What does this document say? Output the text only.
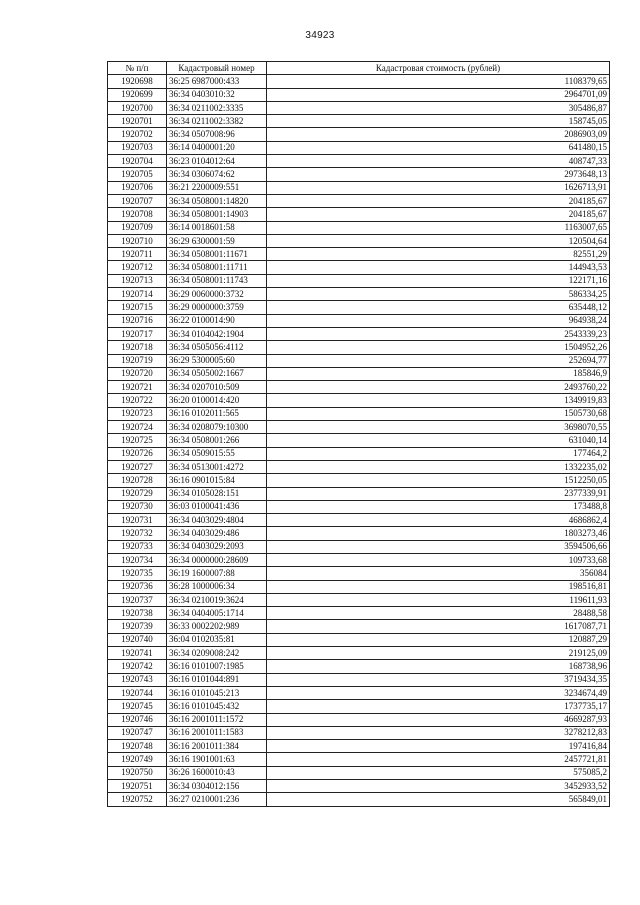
34923
№ п/п	Кадастровый номер	Кадастровая стоимость (рублей)
1920698	36:25 6987000:433	1108379,65
1920699	36:34 0403010:32	2964701,09
1920700	36:34 0211002:3335	305486,87
1920701	36:34 0211002:3382	158745,05
1920702	36:34 0507008:96	2086903,09
1920703	36:14 0400001:20	641480,15
1920704	36:23 0104012:64	408747,33
1920705	36:34 0306074:62	2973648,13
1920706	36:21 2200009:551	1626713,91
1920707	36:34 0508001:14820	204185,67
1920708	36:34 0508001:14903	204185,67
1920709	36:14 0018601:58	1163007,65
1920710	36:29 6300001:59	120504,64
1920711	36:34 0508001:11671	82551,29
1920712	36:34 0508001:11711	144943,53
1920713	36:34 0508001:11743	122171,16
1920714	36:29 0060000:3732	586334,25
1920715	36:29 0000000:3759	635448,12
1920716	36:22 0100014:90	964938,24
1920717	36:34 0104042:1904	2543339,23
1920718	36:34 0505056:4112	1504952,26
1920719	36:29 5300005:60	252694,77
1920720	36:34 0505002:1667	185846,9
1920721	36:34 0207010:509	2493760,22
1920722	36:20 0100014:420	1349919,83
1920723	36:16 0102011:565	1505730,68
1920724	36:34 0208079:10300	3698070,55
1920725	36:34 0508001:266	631040,14
1920726	36:34 0509015:55	177464,2
1920727	36:34 0513001:4272	1332235,02
1920728	36:16 0901015:84	1512250,05
1920729	36:34 0105028:151	2377339,91
1920730	36:03 0100041:436	173488,8
1920731	36:34 0403029:4804	4686862,4
1920732	36:34 0403029:486	1803273,46
1920733	36:34 0403029:2093	3594506,66
1920734	36:34 0000000:28609	109733,68
1920735	36:19 1600007:88	356084
1920736	36:28 1000006:34	198516,81
1920737	36:34 0210019:3624	119611,93
1920738	36:34 0404005:1714	28488,58
1920739	36:33 0002202:989	1617087,71
1920740	36:04 0102035:81	120887,29
1920741	36:34 0209008:242	219125,09
1920742	36:16 0101007:1985	168738,96
1920743	36:16 0101044:891	3719434,35
1920744	36:16 0101045:213	3234674,49
1920745	36:16 0101045:432	1737735,17
1920746	36:16 2001011:1572	4669287,93
1920747	36:16 2001011:1583	3278212,83
1920748	36:16 2001011:384	197416,84
1920749	36:16 1901001:63	2457721,81
1920750	36:26 1600010:43	575085,2
1920751	36:34 0304012:156	3452933,52
1920752	36:27 0210001:236	565849,01
